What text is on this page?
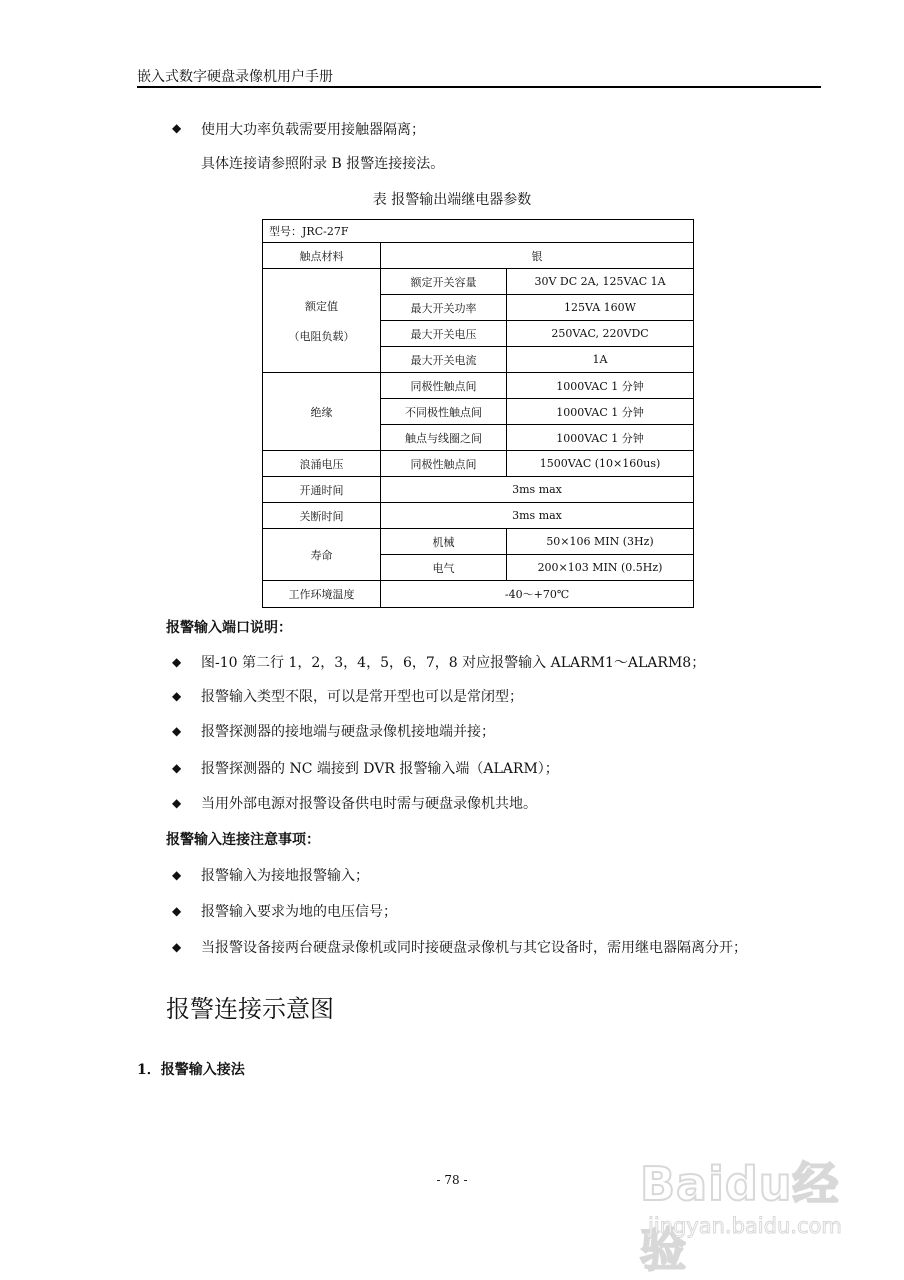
嵌入式数字硬盘录像机用户手册
◆ 使用大功率负载需要用接触器隔离；
具体连接请参照附录 B 报警连接接法。
表 报警输出端继电器参数
型号：JRC-27F		
触点材料	银	

额定值
（电阻负载）	额定开关容量	30V DC 2A, 125VAC 1A
	最大开关功率	125VA 160W
	最大开关电压	250VAC, 220VDC
	最大开关电流	1A
绝缘	同极性触点间	1000VAC 1 分钟
	不同极性触点间	1000VAC 1 分钟
	触点与线圈之间	1000VAC 1 分钟
浪涌电压	同极性触点间	1500VAC (10×160us)
开通时间	3ms max	
关断时间	3ms max	
寿命	机械	50×106 MIN (3Hz)
	电气	200×103 MIN (0.5Hz)
工作环境温度	-40～+70℃	
报警输入端口说明：
◆ 图-10 第二行 1，2，3，4，5，6，7，8 对应报警输入 ALARM1～ALARM8；
◆ 报警输入类型不限，可以是常开型也可以是常闭型；
◆ 报警探测器的接地端与硬盘录像机接地端并接；
◆ 报警探测器的 NC 端接到 DVR 报警输入端（ALARM）；
◆ 当用外部电源对报警设备供电时需与硬盘录像机共地。
报警输入连接注意事项：
◆ 报警输入为接地报警输入；
◆ 报警输入要求为地的电压信号；
◆ 当报警设备接两台硬盘录像机或同时接硬盘录像机与其它设备时，需用继电器隔离分开；
报警连接示意图
1．报警输入接法
- 78 -	Baidu经验
jingyan.baidu.com
